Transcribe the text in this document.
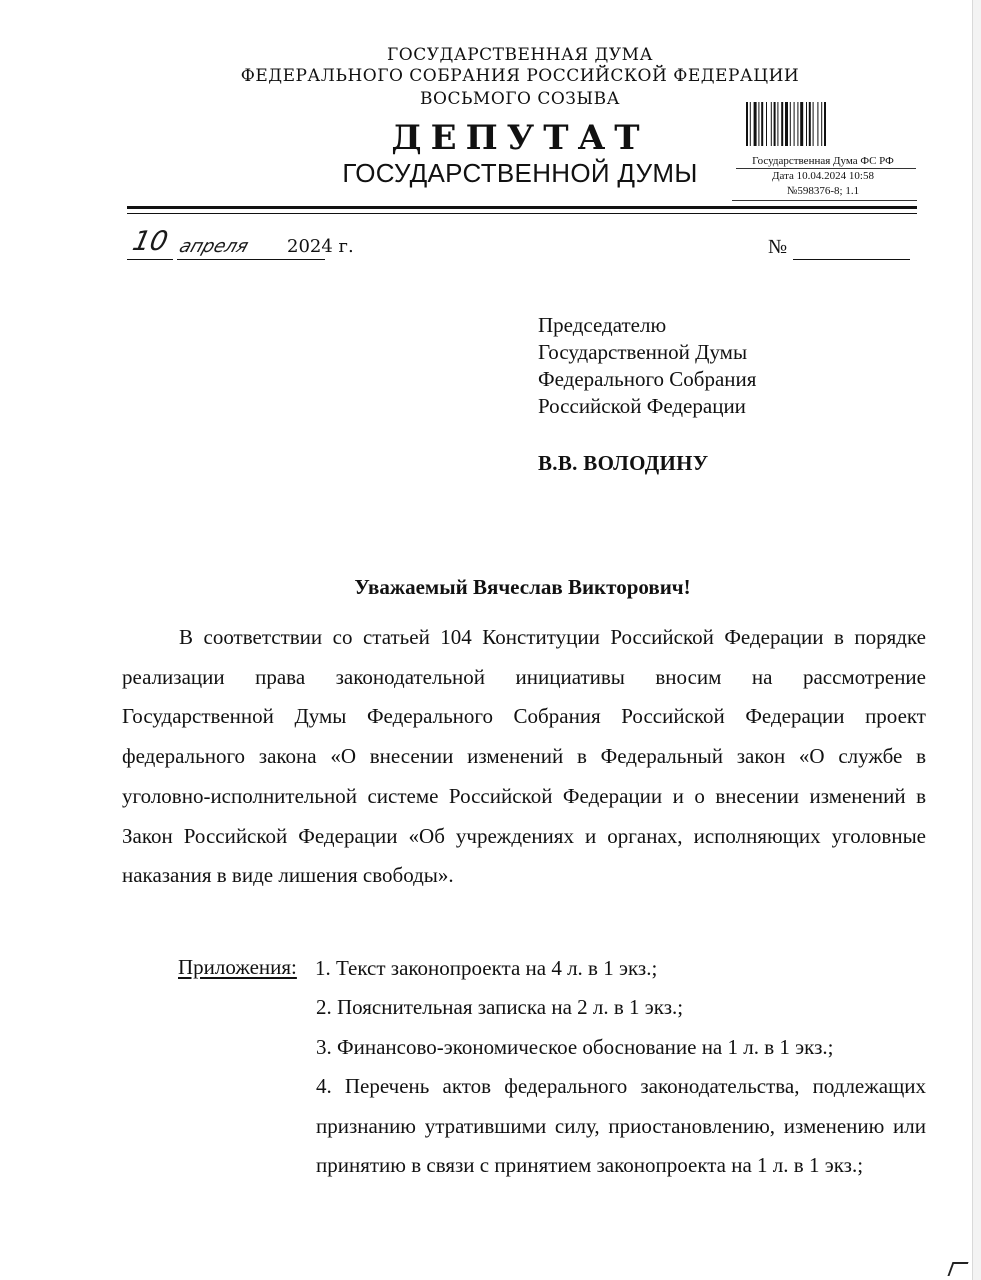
ГОСУДАРСТВЕННАЯ ДУМА
ФЕДЕРАЛЬНОГО СОБРАНИЯ РОССИЙСКОЙ ФЕДЕРАЦИИ
ВОСЬМОГО СОЗЫВА
ДЕПУТАТ
ГОСУДАРСТВЕННОЙ ДУМЫ	Государственная Дума ФС РФ
Дата 10.04.2024 10:58
№598376-8; 1.1
10 апреля 2024 г.	№
Председателю
Государственной Думы
Федерального Собрания
Российской Федерации
В.В. ВОЛОДИНУ
Уважаемый Вячеслав Викторович!
В соответствии со статьей 104 Конституции Российской Федерации в порядке реализации права законодательной инициативы вносим на рассмотрение Государственной Думы Федерального Собрания Российской Федерации проект федерального закона «О внесении изменений в Федеральный закон «О службе в уголовно-исполнительной системе Российской Федерации и о внесении изменений в Закон Российской Федерации «Об учреждениях и органах, исполняющих уголовные наказания в виде лишения свободы».
Приложения: 1. Текст законопроекта на 4 л. в 1 экз.;
2. Пояснительная записка на 2 л. в 1 экз.;
3. Финансово-экономическое обоснование на 1 л. в 1 экз.;
4. Перечень актов федерального законодательства, подлежащих признанию утратившими силу, приостановлению, изменению или принятию в связи с принятием законопроекта на 1 л. в 1 экз.;
